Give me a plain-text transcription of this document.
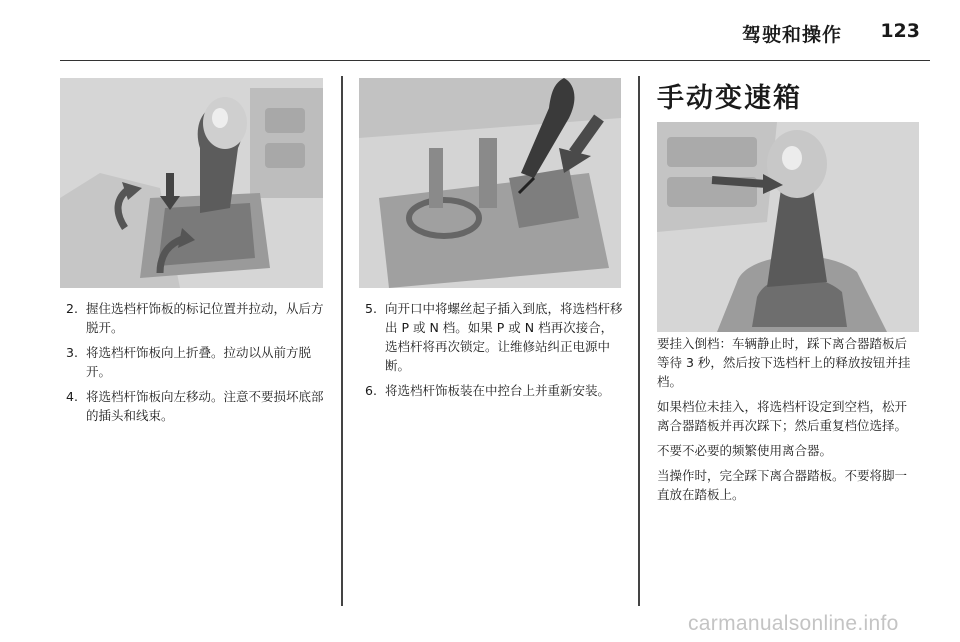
驾驶和操作 123
2. 握住选档杆饰板的标记位置并拉动，从后方脱开。
3. 将选档杆饰板向上折叠。拉动以从前方脱开。
4. 将选档杆饰板向左移动。注意不要损坏底部的插头和线束。
5. 向开口中将螺丝起子插入到底，将选档杆移出 P 或 N 档。如果 P 或 N 档再次接合，选档杆将再次锁定。让维修站纠正电源中断。
6. 将选档杆饰板装在中控台上并重新安装。
手动变速箱

要挂入倒档：车辆静止时，踩下离合器踏板后等待 3 秒，然后按下选档杆上的释放按钮并挂档。

如果档位未挂入，将选档杆设定到空档，松开离合器踏板并再次踩下；然后重复档位选择。

不要不必要的频繁使用离合器。

当操作时，完全踩下离合器踏板。不要将脚一直放在踏板上。

carmanualsonline.info
